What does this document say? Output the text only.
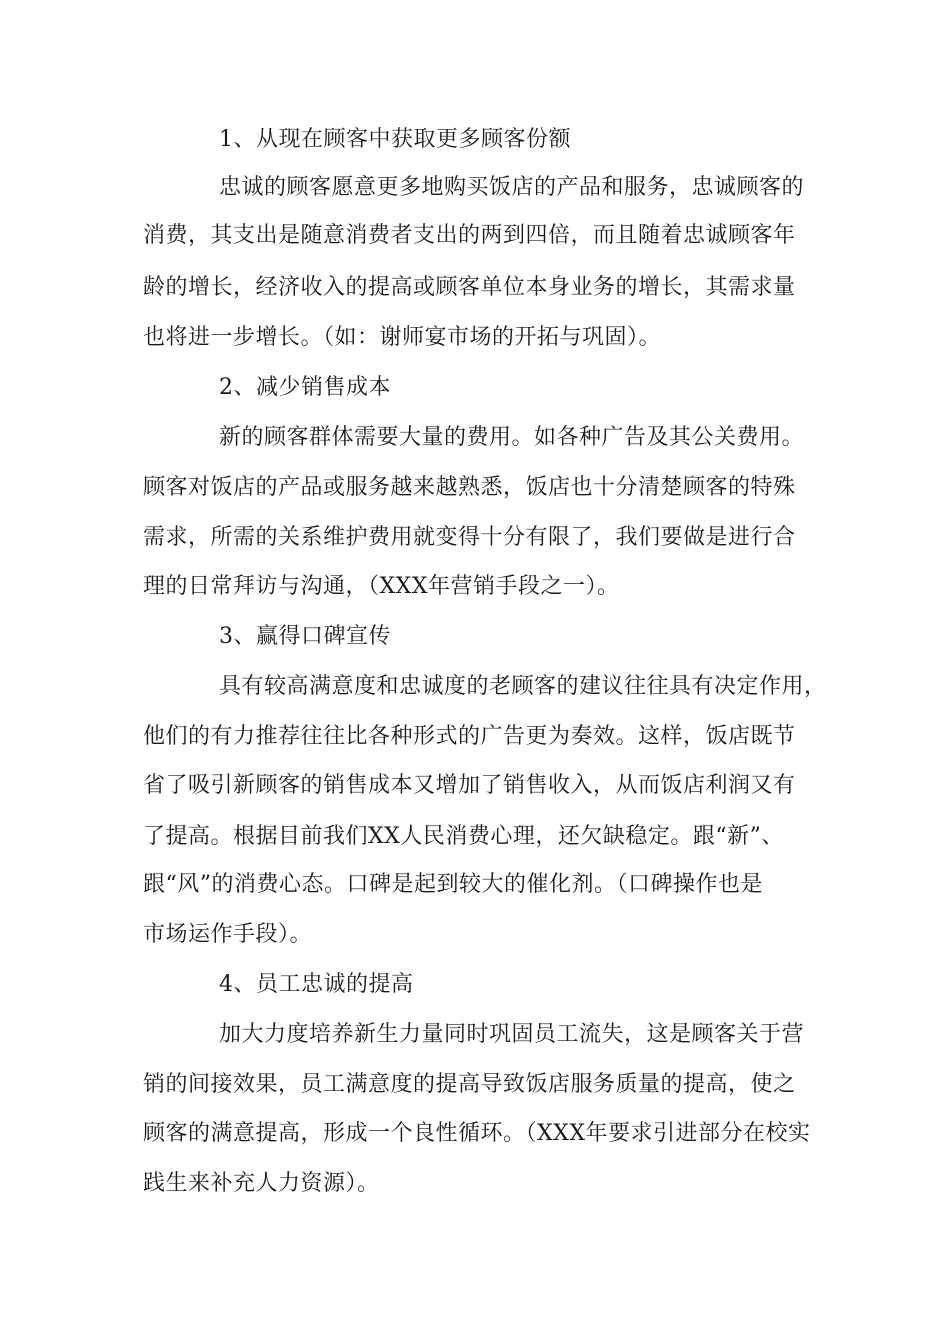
1、从现在顾客中获取更多顾客份额
忠诚的顾客愿意更多地购买饭店的产品和服务，忠诚顾客的
消费，其支出是随意消费者支出的两到四倍，而且随着忠诚顾客年
龄的增长，经济收入的提高或顾客单位本身业务的增长，其需求量
也将进一步增长。（如：谢师宴市场的开拓与巩固）。
2、减少销售成本
新的顾客群体需要大量的费用。如各种广告及其公关费用。
顾客对饭店的产品或服务越来越熟悉，饭店也十分清楚顾客的特殊
需求，所需的关系维护费用就变得十分有限了，我们要做是进行合
理的日常拜访与沟通，（XXX年营销手段之一）。
3、赢得口碑宣传
具有较高满意度和忠诚度的老顾客的建议往往具有决定作用，
他们的有力推荐往往比各种形式的广告更为奏效。这样，饭店既节
省了吸引新顾客的销售成本又增加了销售收入，从而饭店利润又有
了提高。根据目前我们XX人民消费心理，还欠缺稳定。跟“新”、
跟“风”的消费心态。口碑是起到较大的催化剂。（口碑操作也是
市场运作手段）。
4、员工忠诚的提高
加大力度培养新生力量同时巩固员工流失，这是顾客关于营
销的间接效果，员工满意度的提高导致饭店服务质量的提高，使之
顾客的满意提高，形成一个良性循环。（XXX年要求引进部分在校实
践生来补充人力资源）。
